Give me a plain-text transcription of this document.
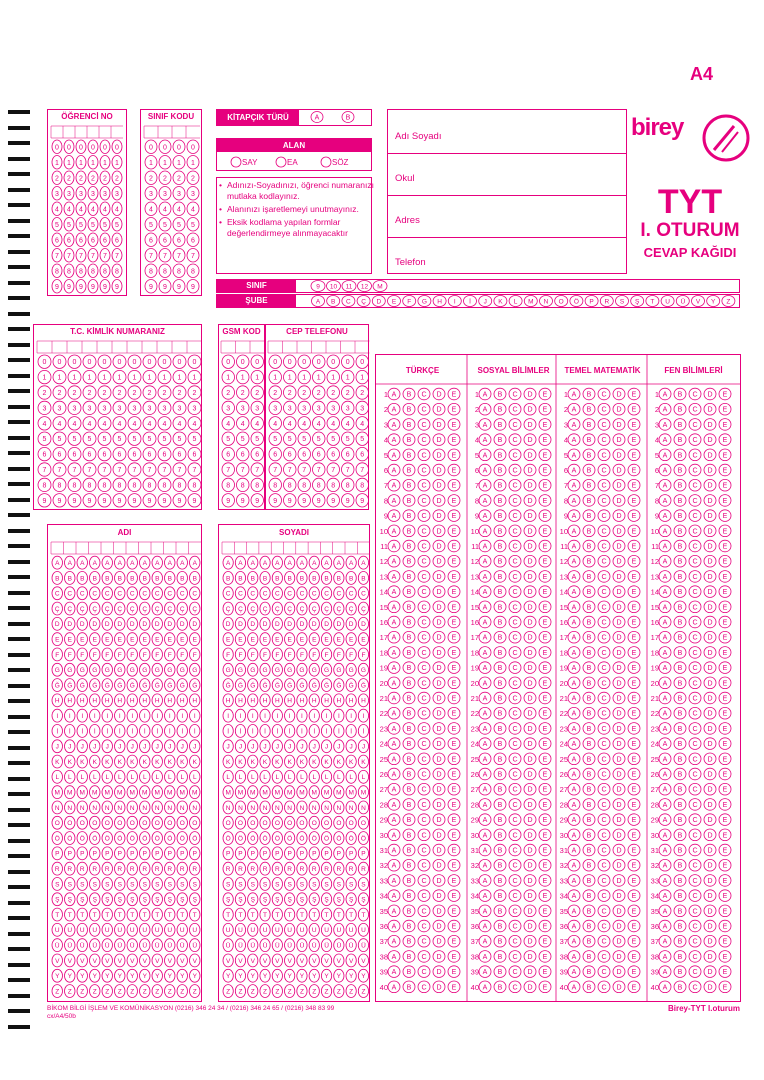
A4
ÖĞRENCİ NO	SINIF KODU	KİTAPÇIK TÜRÜ
ALAN
• Adınızı-Soyadınızı, öğrenci numaranızı mutlaka kodlayınız.
• Alanınızı işaretlemeyi unutmayınız.
• Eksik kodlama yapılan formlar değerlendirmeye alınmayacaktır
Adı Soyadı
Okul
Adres
Telefon
birey
TYT
I. OTURUM
CEVAP KAĞIDI
SINIF
ŞUBE
T.C. KİMLİK NUMARANIZ	GSM KOD	CEP TELEFONU
ADI	SOYADI
TÜRKÇE	SOSYAL BİLİMLER	TEMEL MATEMATİK	FEN BİLİMLERİ
BİKOM BİLGİ İŞLEM VE KOMÜNİKASYON (0216) 346 24 34 / (0216) 346 24 65 / (0216) 348 83 99
cx/A4/50b
Birey-TYT I.oturum
0
1
2
3
4
5
6
7
8
9
0
1
2
3
4
5
6
7
8
9
0
1
2
3
4
5
6
7
8
9
0
1
2
3
4
5
6
7
8
9
0
1
2
3
4
5
6
7
8
9
0
1
2
3
4
5
6
7
8
9
0
1
2
3
4
5
6
7
8
9
0
1
2
3
4
5
6
7
8
9
0
1
2
3
4
5
6
7
8
9
0
1
2
3
4
5
6
7
8
9
0
1
2
3
4
5
6
7
8
9
0
1
2
3
4
5
6
7
8
9
0
1
2
3
4
5
6
7
8
9
0
1
2
3
4
5
6
7
8
9
0
1
2
3
4
5
6
7
8
9
0
1
2
3
4
5
6
7
8
9
0
1
2
3
4
5
6
7
8
9
0
1
2
3
4
5
6
7
8
9
0
1
2
3
4
5
6
7
8
9
0
1
2
3
4
5
6
7
8
9
0
1
2
3
4
5
6
7
8
9
0
1
2
3
4
5
6
7
8
9
0
1
2
3
4
5
6
7
8
9
0
1
2
3
4
5
6
7
8
9
0
1
2
3
4
5
6
7
8
9
0
1
2
3
4
5
6
7
8
9
0
1
2
3
4
5
6
7
8
9
0
1
2
3
4
5
6
7
8
9
0
1
2
3
4
5
6
7
8
9
0
1
2
3
4
5
6
7
8
9
0
1
2
3
4
5
6
7
8
9
A	B
SAY	EA	SÖZ
9 10 11 12 M
A B C Ç D E F G H I İ J K L M N O Ö P R S Ş T U Ü V Y Z
A
B
C
Ç
D
E
F
G
Ğ
H
I
İ
J
K
L
M
N
O
Ö
P
R
S
Ş
T
U
Ü
V
Y
Z
A
B
C
Ç
D
E
F
G
Ğ
H
I
İ
J
K
L
M
N
O
Ö
P
R
S
Ş
T
U
Ü
V
Y
Z
A
B
C
Ç
D
E
F
G
Ğ
H
I
İ
J
K
L
M
N
O
Ö
P
R
S
Ş
T
U
Ü
V
Y
Z
A
B
C
Ç
D
E
F
G
Ğ
H
I
İ
J
K
L
M
N
O
Ö
P
R
S
Ş
T
U
Ü
V
Y
Z
A
B
C
Ç
D
E
F
G
Ğ
H
I
İ
J
K
L
M
N
O
Ö
P
R
S
Ş
T
U
Ü
V
Y
Z
A
B
C
Ç
D
E
F
G
Ğ
H
I
İ
J
K
L
M
N
O
Ö
P
R
S
Ş
T
U
Ü
V
Y
Z
A
B
C
Ç
D
E
F
G
Ğ
H
I
İ
J
K
L
M
N
O
Ö
P
R
S
Ş
T
U
Ü
V
Y
Z
A
B
C
Ç
D
E
F
G
Ğ
H
I
İ
J
K
L
M
N
O
Ö
P
R
S
Ş
T
U
Ü
V
Y
Z
A
B
C
Ç
D
E
F
G
Ğ
H
I
İ
J
K
L
M
N
O
Ö
P
R
S
Ş
T
U
Ü
V
Y
Z
A
B
C
Ç
D
E
F
G
Ğ
H
I
İ
J
K
L
M
N
O
Ö
P
R
S
Ş
T
U
Ü
V
Y
Z
A
B
C
Ç
D
E
F
G
Ğ
H
I
İ
J
K
L
M
N
O
Ö
P
R
S
Ş
T
U
Ü
V
Y
Z
A
B
C
Ç
D
E
F
G
Ğ
H
I
İ
J
K
L
M
N
O
Ö
P
R
S
Ş
T
U
Ü
V
Y
Z
A
B
C
Ç
D
E
F
G
Ğ
H
I
İ
J
K
L
M
N
O
Ö
P
R
S
Ş
T
U
Ü
V
Y
Z
A
B
C
Ç
D
E
F
G
Ğ
H
I
İ
J
K
L
M
N
O
Ö
P
R
S
Ş
T
U
Ü
V
Y
Z
A
B
C
Ç
D
E
F
G
Ğ
H
I
İ
J
K
L
M
N
O
Ö
P
R
S
Ş
T
U
Ü
V
Y
Z
A
B
C
Ç
D
E
F
G
Ğ
H
I
İ
J
K
L
M
N
O
Ö
P
R
S
Ş
T
U
Ü
V
Y
Z
A
B
C
Ç
D
E
F
G
Ğ
H
I
İ
J
K
L
M
N
O
Ö
P
R
S
Ş
T
U
Ü
V
Y
Z
A
B
C
Ç
D
E
F
G
Ğ
H
I
İ
J
K
L
M
N
O
Ö
P
R
S
Ş
T
U
Ü
V
Y
Z
A
B
C
Ç
D
E
F
G
Ğ
H
I
İ
J
K
L
M
N
O
Ö
P
R
S
Ş
T
U
Ü
V
Y
Z
A
B
C
Ç
D
E
F
G
Ğ
H
I
İ
J
K
L
M
N
O
Ö
P
R
S
Ş
T
U
Ü
V
Y
Z
A
B
C
Ç
D
E
F
G
Ğ
H
I
İ
J
K
L
M
N
O
Ö
P
R
S
Ş
T
U
Ü
V
Y
Z
A
B
C
Ç
D
E
F
G
Ğ
H
I
İ
J
K
L
M
N
O
Ö
P
R
S
Ş
T
U
Ü
V
Y
Z
A
B
C
Ç
D
E
F
G
Ğ
H
I
İ
J
K
L
M
N
O
Ö
P
R
S
Ş
T
U
Ü
V
Y
Z
A
B
C
Ç
D
E
F
G
Ğ
H
I
İ
J
K
L
M
N
O
Ö
P
R
S
Ş
T
U
Ü
V
Y
Z
1 A B C D E
2 A B C D E
3 A B C D E
4 A B C D E
5 A B C D E
6 A B C D E
7 A B C D E
8 A B C D E
9 A B C D E
10 A B C D E
11 A B C D E
12 A B C D E
13 A B C D E
14 A B C D E
15 A B C D E
16 A B C D E
17 A B C D E
18 A B C D E
19 A B C D E
20 A B C D E
21 A B C D E
22 A B C D E
23 A B C D E
24 A B C D E
25 A B C D E
26 A B C D E
27 A B C D E
28 A B C D E
29 A B C D E
30 A B C D E
31 A B C D E
32 A B C D E
33 A B C D E
34 A B C D E
35 A B C D E
36 A B C D E
37 A B C D E
38 A B C D E
39 A B C D E
40 A B C D E
1 A B C D E
2 A B C D E
3 A B C D E
4 A B C D E
5 A B C D E
6 A B C D E
7 A B C D E
8 A B C D E
9 A B C D E
10 A B C D E
11 A B C D E
12 A B C D E
13 A B C D E
14 A B C D E
15 A B C D E
16 A B C D E
17 A B C D E
18 A B C D E
19 A B C D E
20 A B C D E
21 A B C D E
22 A B C D E
23 A B C D E
24 A B C D E
25 A B C D E
26 A B C D E
27 A B C D E
28 A B C D E
29 A B C D E
30 A B C D E
31 A B C D E
32 A B C D E
33 A B C D E
34 A B C D E
35 A B C D E
36 A B C D E
37 A B C D E
38 A B C D E
39 A B C D E
40 A B C D E
1 A B C D E
2 A B C D E
3 A B C D E
4 A B C D E
5 A B C D E
6 A B C D E
7 A B C D E
8 A B C D E
9 A B C D E
10 A B C D E
11 A B C D E
12 A B C D E
13 A B C D E
14 A B C D E
15 A B C D E
16 A B C D E
17 A B C D E
18 A B C D E
19 A B C D E
20 A B C D E
21 A B C D E
22 A B C D E
23 A B C D E
24 A B C D E
25 A B C D E
26 A B C D E
27 A B C D E
28 A B C D E
29 A B C D E
30 A B C D E
31 A B C D E
32 A B C D E
33 A B C D E
34 A B C D E
35 A B C D E
36 A B C D E
37 A B C D E
38 A B C D E
39 A B C D E
40 A B C D E
1 A B C D E
2 A B C D E
3 A B C D E
4 A B C D E
5 A B C D E
6 A B C D E
7 A B C D E
8 A B C D E
9 A B C D E
10 A B C D E
11 A B C D E
12 A B C D E
13 A B C D E
14 A B C D E
15 A B C D E
16 A B C D E
17 A B C D E
18 A B C D E
19 A B C D E
20 A B C D E
21 A B C D E
22 A B C D E
23 A B C D E
24 A B C D E
25 A B C D E
26 A B C D E
27 A B C D E
28 A B C D E
29 A B C D E
30 A B C D E
31 A B C D E
32 A B C D E
33 A B C D E
34 A B C D E
35 A B C D E
36 A B C D E
37 A B C D E
38 A B C D E
39 A B C D E
40 A B C D E
